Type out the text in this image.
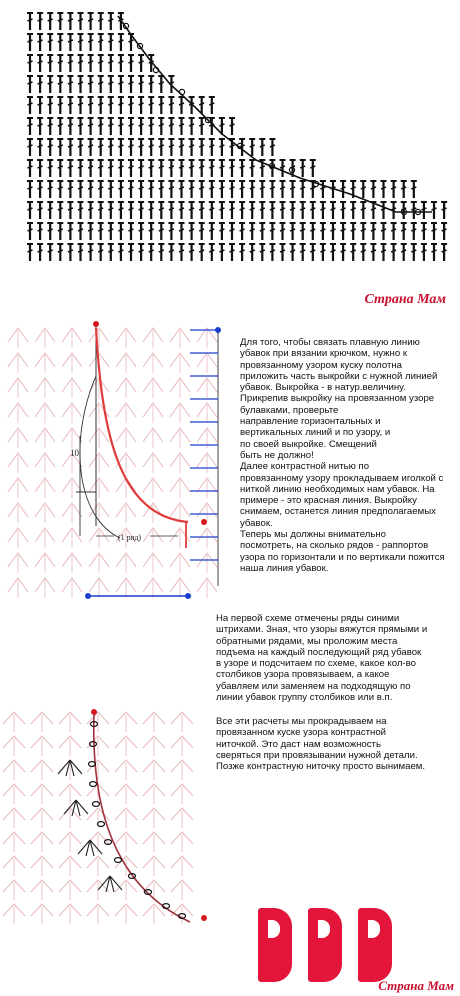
Страна Мам
10
(1 ряд)
Для того, чтобы связать плавную линию
убавок при вязании крючком, нужно к
провязанному узором куску полотна
приложить часть выкройки с нужной линией
убавок. Выкройка - в натур.величину.
Прикрепив выкройку на провязанном узоре
булавками, проверьте
направление горизонтальных и
вертикальных линий и по узору, и
по своей выкройке. Смещений
быть не должно!
Далее контрастной нитью по
провязанному узору прокладываем иголкой с
ниткой линию необходимых нам убавок. На
примере - это красная линия. Выкройку
снимаем, останется линия предполагаемых
убавок.
Теперь мы должны внимательно
посмотреть, на сколько рядов - раппортов
узора по горизонтали и по вертикали пожится
наша линия убавок.
На первой схеме отмечены ряды синими
штрихами. Зная, что узоры вяжутся прямыми и
обратными рядами, мы проложим места
подъема на каждый последующий ряд убавок
в узоре и подсчитаем по схеме, какое кол-во
столбиков узора провязываем, а какое
убавляем или заменяем на подходящую по
линии убавок группу столбиков или в.п.
Все эти расчеты мы прокрадываем на
провязанном куске узора контрастной
ниточкой. Это даст нам возможность
сверяться при провязывании нужной детали.
Позже контрастную ниточку просто вынимаем.
Страна Мам
